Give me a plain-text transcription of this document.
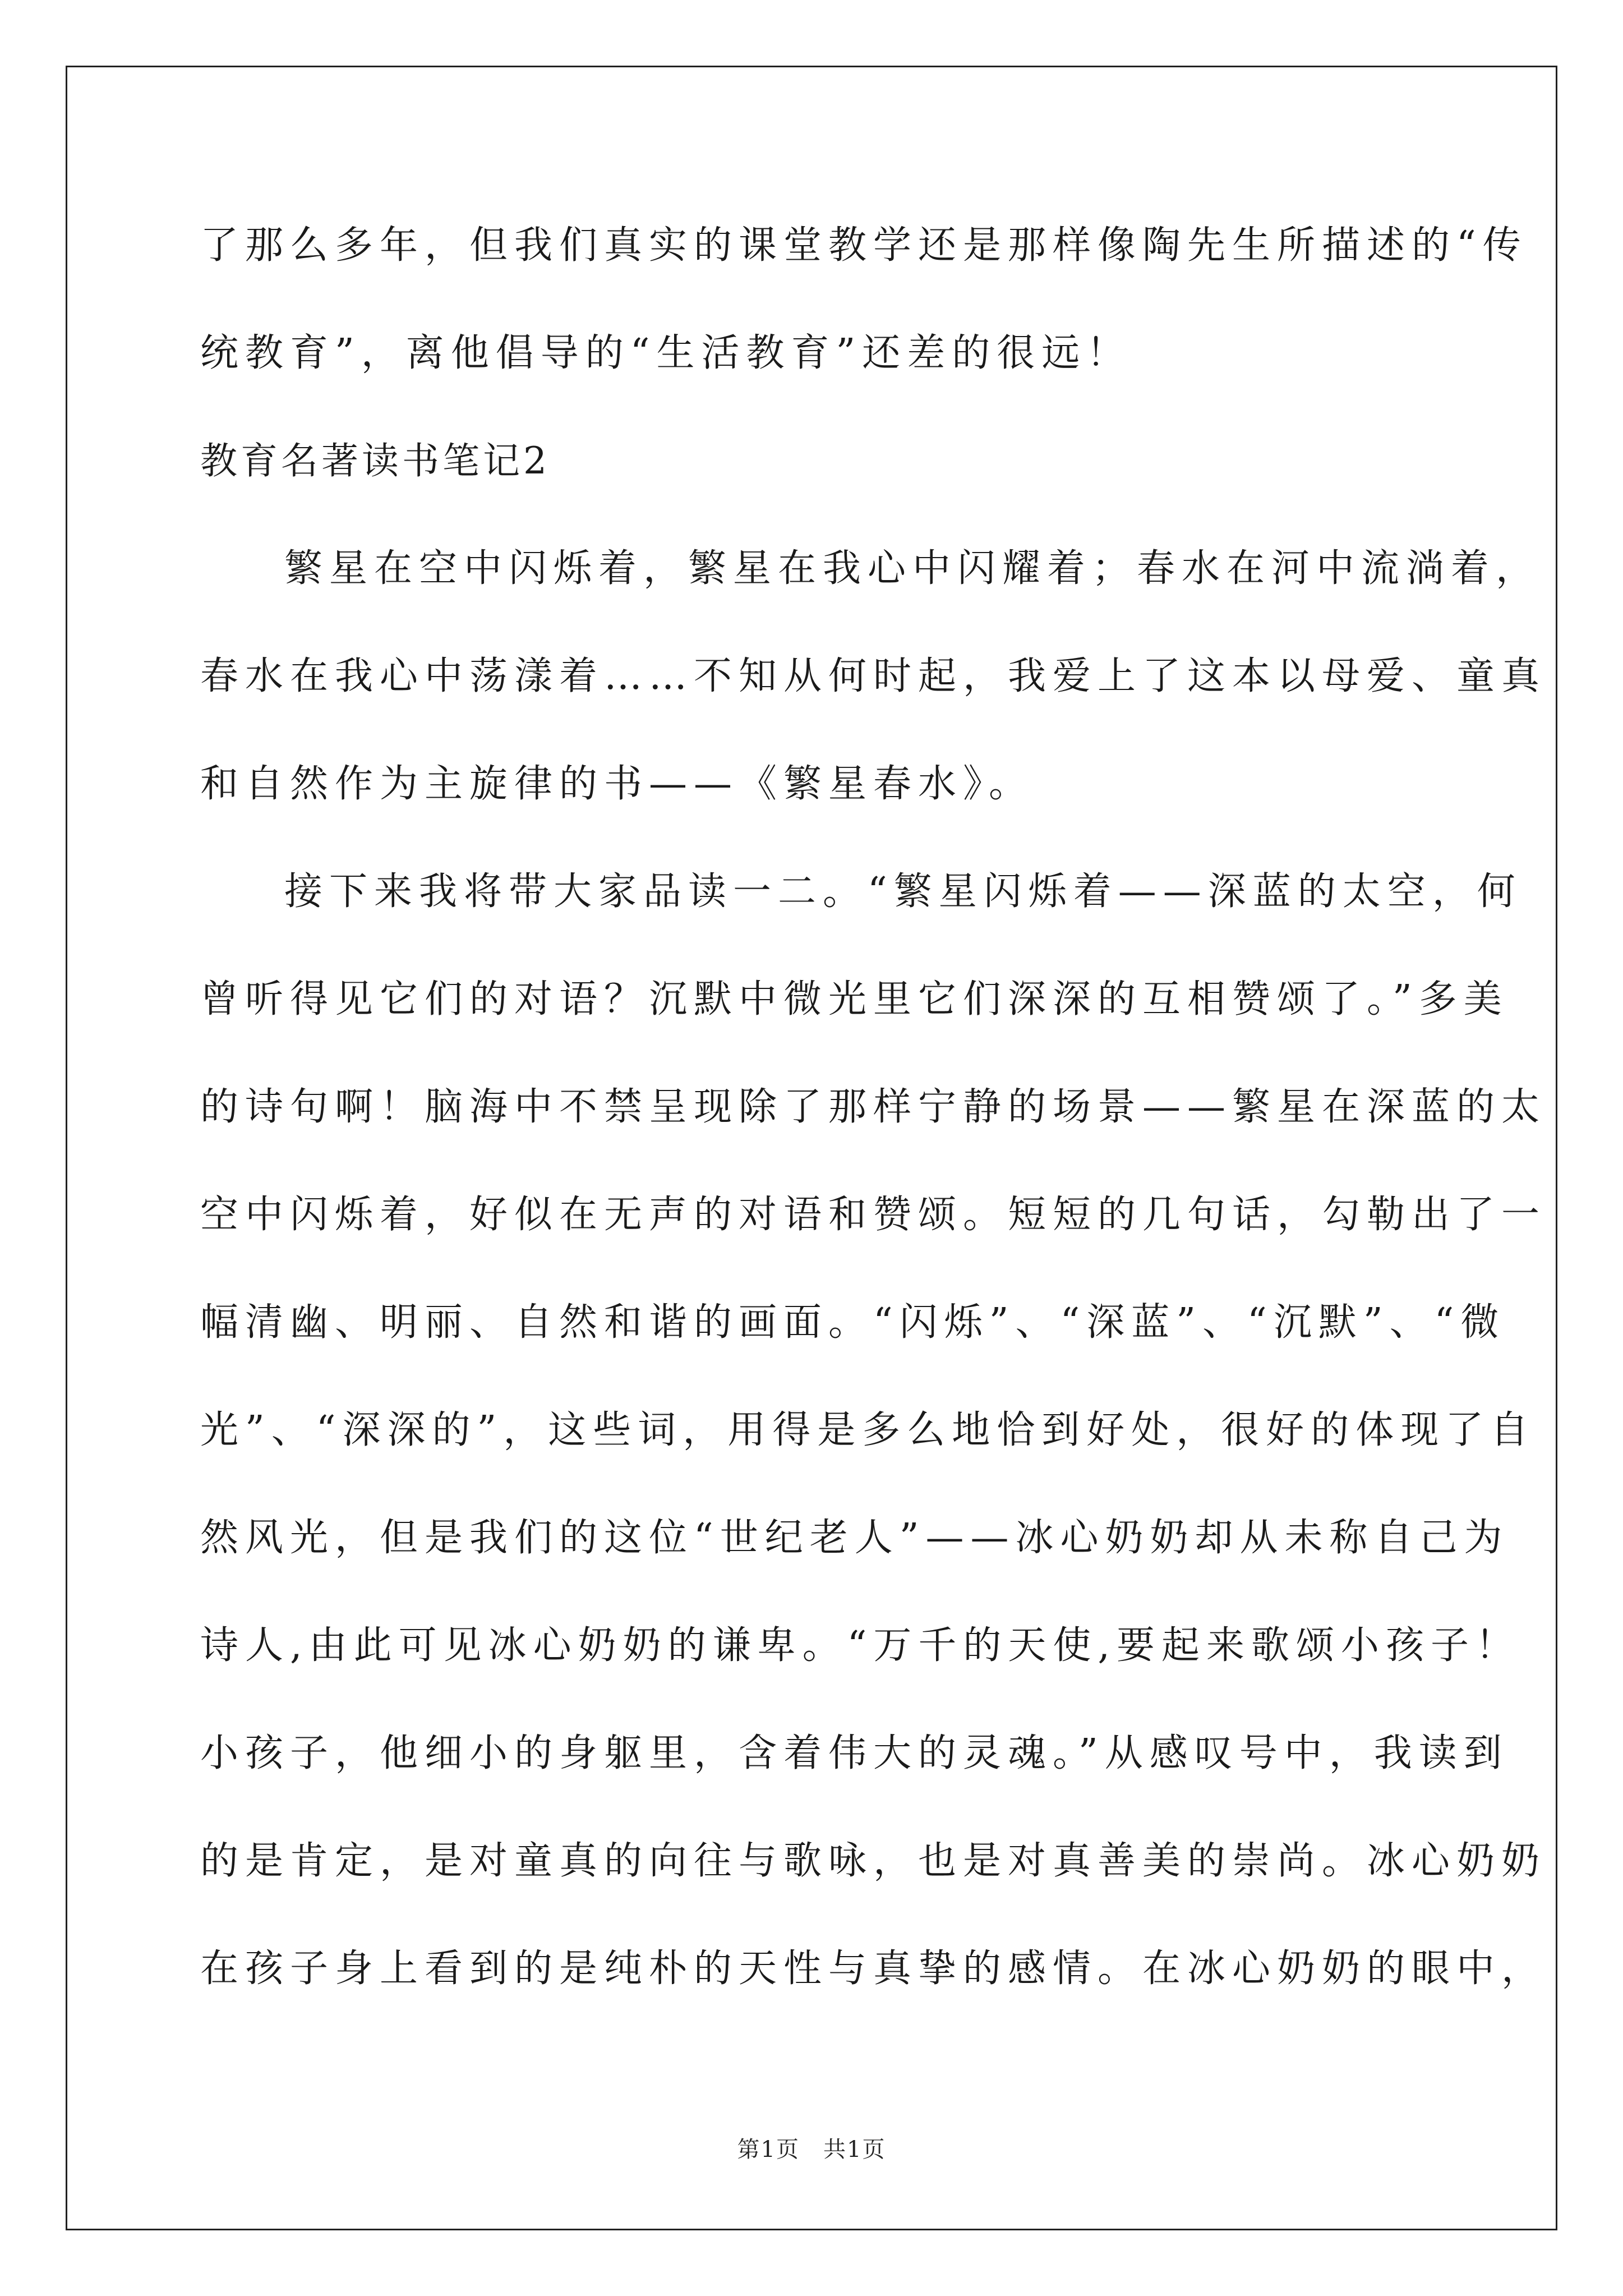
了那么多年，但我们真实的课堂教学还是那样像陶先生所描述的“传

统教育”，离他倡导的“生活教育”还差的很远！

教育名著读书笔记2

繁星在空中闪烁着，繁星在我心中闪耀着；春水在河中流淌着，

春水在我心中荡漾着……不知从何时起，我爱上了这本以母爱、童真

和自然作为主旋律的书——《繁星春水》。

接下来我将带大家品读一二。“繁星闪烁着——深蓝的太空，何

曾听得见它们的对语？沉默中微光里它们深深的互相赞颂了。”多美

的诗句啊！脑海中不禁呈现除了那样宁静的场景——繁星在深蓝的太

空中闪烁着，好似在无声的对语和赞颂。短短的几句话，勾勒出了一

幅清幽、明丽、自然和谐的画面。“闪烁”、“深蓝”、“沉默”、“微

光”、“深深的”，这些词，用得是多么地恰到好处，很好的体现了自

然风光，但是我们的这位“世纪老人”——冰心奶奶却从未称自己为

诗人,由此可见冰心奶奶的谦卑。“万千的天使,要起来歌颂小孩子！

小孩子，他细小的身躯里，含着伟大的灵魂。”从感叹号中，我读到

的是肯定，是对童真的向往与歌咏，也是对真善美的崇尚。冰心奶奶

在孩子身上看到的是纯朴的天性与真挚的感情。在冰心奶奶的眼中，

第1页　共1页
